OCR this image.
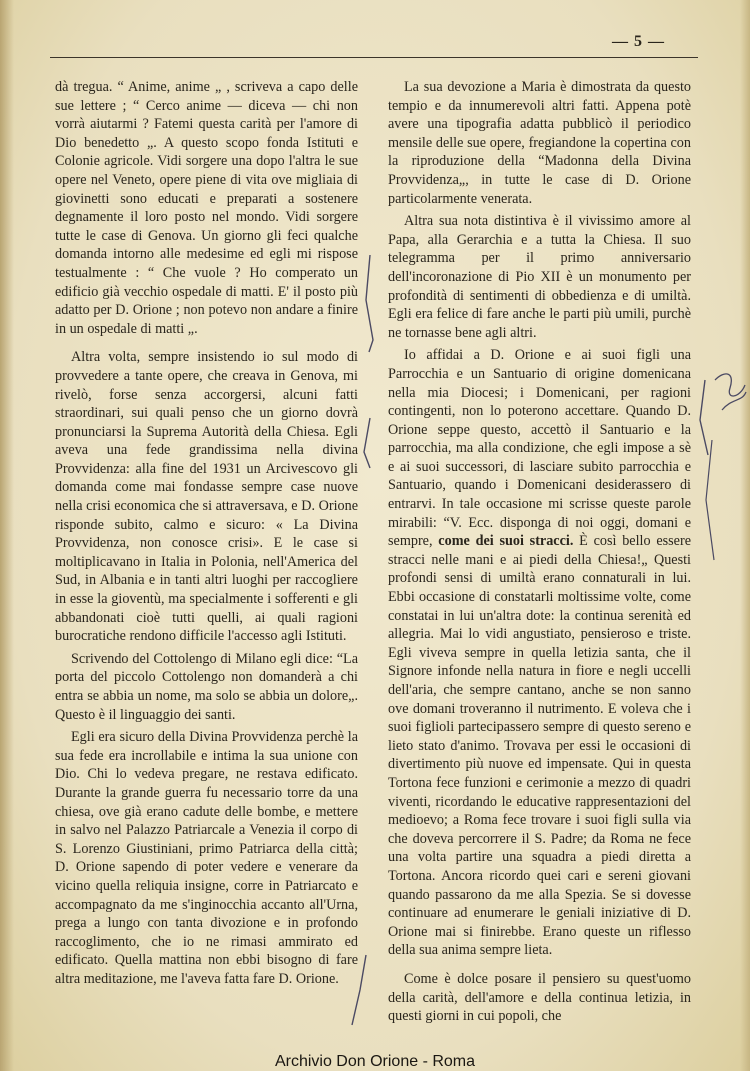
— 5 —

dà tregua. “ Anime, anime „ , scriveva a capo delle sue lettere ; “ Cerco anime — diceva — chi non vorrà aiutarmi ? Fatemi questa carità per l'amore di Dio benedetto „. A questo scopo fonda Istituti e Colonie agricole. Vidi sorgere una dopo l'altra le sue opere nel Veneto, opere piene di vita ove migliaia di giovinetti sono educati e preparati a sostenere degnamente il loro posto nel mondo. Vidi sorgere tutte le case di Genova. Un giorno gli feci qualche domanda intorno alle medesime ed egli mi rispose testualmente : “ Che vuole ? Ho comperato un edificio già vecchio ospedale di matti. E' il posto più adatto per D. Orione ; non potevo non andare a finire in un ospedale di matti „.

Altra volta, sempre insistendo io sul modo di provvedere a tante opere, che creava in Genova, mi rivelò, forse senza accorgersi, alcuni fatti straordinari, sui quali penso che un giorno dovrà pronunciarsi la Suprema Autorità della Chiesa. Egli aveva una fede grandissima nella divina Provvidenza: alla fine del 1931 un Arcivescovo gli domanda come mai fondasse sempre case nuove nella crisi economica che si attraversava, e D. Orione risponde subito, calmo e sicuro: « La Divina Provvidenza, non conosce crisi». E le case si moltiplicavano in Italia in Polonia, nell'America del Sud, in Albania e in tanti altri luoghi per raccogliere in esse la gioventù, ma specialmente i sofferenti e gli abbandonati cioè tutti quelli, ai quali ragioni burocratiche rendono difficile l'accesso agli Istituti.

Scrivendo del Cottolengo di Milano egli dice: “La porta del piccolo Cottolengo non domanderà a chi entra se abbia un nome, ma solo se abbia un dolore„. Questo è il linguaggio dei santi.

Egli era sicuro della Divina Provvidenza perchè la sua fede era incrollabile e intima la sua unione con Dio. Chi lo vedeva pregare, ne restava edificato. Durante la grande guerra fu necessario torre da una chiesa, ove già erano cadute delle bombe, e mettere in salvo nel Palazzo Patriarcale a Venezia il corpo di S. Lorenzo Giustiniani, primo Patriarca della città; D. Orione sapendo di poter vedere e venerare da vicino quella reliquia insigne, corre in Patriarcato e accompagnato da me s'inginocchia accanto all'Urna, prega a lungo con tanta divozione e in profondo raccoglimento, che io ne rimasi ammirato ed edificato. Quella mattina non ebbi bisogno di fare altra meditazione, me l'aveva fatta fare D. Orione.

La sua devozione a Maria è dimostrata da questo tempio e da innumerevoli altri fatti. Appena potè avere una tipografia adatta pubblicò il periodico mensile delle sue opere, fregiandone la copertina con la riproduzione della “Madonna della Divina Provvidenza„, in tutte le case di D. Orione particolarmente venerata.

Altra sua nota distintiva è il vivissimo amore al Papa, alla Gerarchia e a tutta la Chiesa. Il suo telegramma per il primo anniversario dell'incoronazione di Pio XII è un monumento per profondità di sentimenti di obbedienza e di umiltà. Egli era felice di fare anche le parti più umili, purchè ne tornasse bene agli altri.

Io affidai a D. Orione e ai suoi figli una Parrocchia e un Santuario di origine domenicana nella mia Diocesi; i Domenicani, per ragioni contingenti, non lo poterono accettare. Quando D. Orione seppe questo, accettò il Santuario e la parrocchia, ma alla condizione, che egli impose a sè e ai suoi successori, di lasciare subito parrocchia e Santuario, quando i Domenicani desiderassero di entrarvi. In tale occasione mi scrisse queste parole mirabili: “V. Ecc. disponga di noi oggi, domani e sempre, come dei suoi stracci. È così bello essere stracci nelle mani e ai piedi della Chiesa!„ Questi profondi sensi di umiltà erano connaturali in lui. Ebbi occasione di constatarli moltissime volte, come constatai in lui un'altra dote: la continua serenità ed allegria. Mai lo vidi angustiato, pensieroso e triste. Egli viveva sempre in quella letizia santa, che il Signore infonde nella natura in fiore e negli uccelli dell'aria, che sempre cantano, anche se non sanno ove domani troveranno il nutrimento. E voleva che i suoi figlioli partecipassero sempre di questo sereno e lieto stato d'animo. Trovava per essi le occasioni di divertimento più nuove ed impensate. Qui in questa Tortona fece funzioni e cerimonie a mezzo di quadri viventi, ricordando le educative rappresentazioni del medioevo; a Roma fece trovare i suoi figli sulla via che doveva percorrere il S. Padre; da Roma ne fece una volta partire una squadra a piedi diretta a Tortona. Ancora ricordo quei cari e sereni giovani quando passarono da me alla Spezia. Se si dovesse continuare ad enumerare le geniali iniziative di D. Orione mai si finirebbe. Erano queste un riflesso della sua anima sempre lieta.

Come è dolce posare il pensiero su quest'uomo della carità, dell'amore e della continua letizia, in questi giorni in cui popoli, che

Archivio Don Orione - Roma
